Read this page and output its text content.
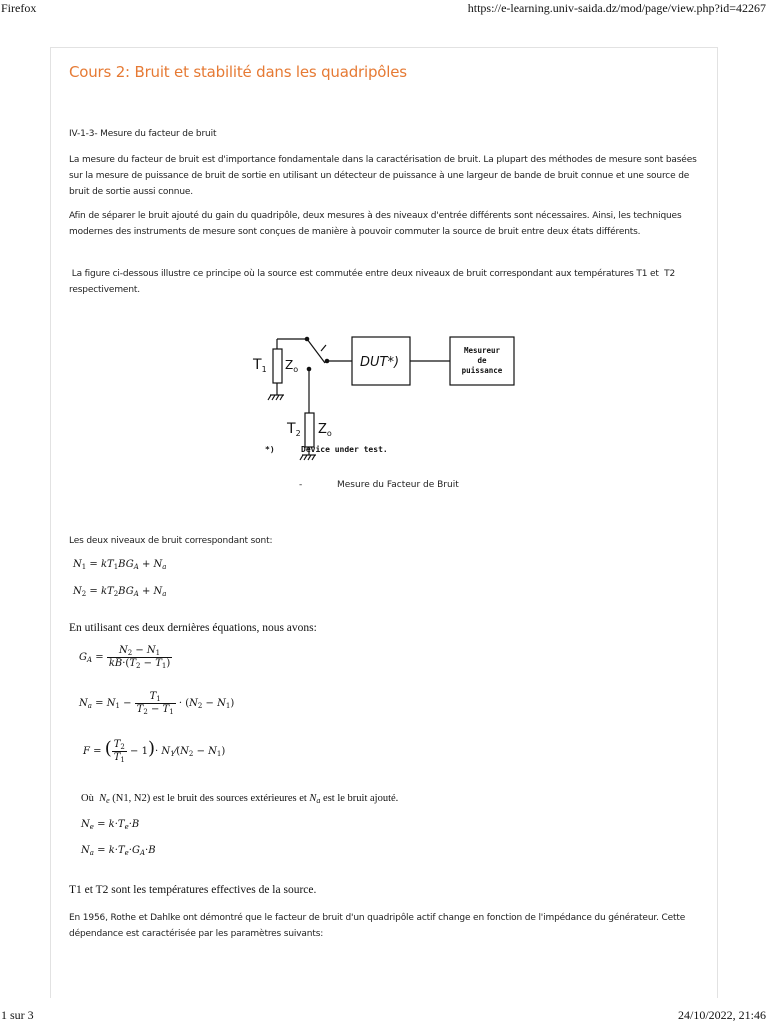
Firefox	https://e-learning.univ-saida.dz/mod/page/view.php?id=42267
Cours 2: Bruit et stabilité dans les quadripôles

IV-1-3- Mesure du facteur de bruit

La mesure du facteur de bruit est d'importance fondamentale dans la caractérisation de bruit. La plupart des méthodes de mesure sont basées sur la mesure de puissance de bruit de sortie en utilisant un détecteur de puissance à une largeur de bande de bruit connue et une source de bruit de sortie aussi connue.

Afin de séparer le bruit ajouté du gain du quadripôle, deux mesures à des niveaux d'entrée différents sont nécessaires. Ainsi, les techniques modernes des instruments de mesure sont conçues de manière à pouvoir commuter la source de bruit entre deux états différents.

La figure ci-dessous illustre ce principe où la source est commutée entre deux niveaux de bruit correspondant aux températures T1 et  T2 respectivement.

$T_1$ $Z_o$
$T_2$ $Z_o$
DUT*)
Mesureur
de
puissance
*)	Device under test.
-	Mesure du Facteur de Bruit

Les deux niveaux de bruit correspondant sont:

$N_1 = kT_1BG_A + N_a$
$N_2 = kT_2BG_A + N_a$
En utilisant ces deux dernières équations, nous avons:
$G_A = \frac{N_2 - N_1}{kB\cdot(T_2 - T_1)}$
$N_a = N_1 - \frac{T_1}{T_2 - T_1} \cdot (N_2 - N_1)$
F = ( $\frac{T_2}{T_1} - 1)\cdot$ $N_1⁄(N_2 - N_1)$
Où $N_e$ (N1, N2) est le bruit des sources extérieures et $N_a$ est le bruit ajouté.
$N_e = k\cdot T_e\cdot B$
$N_a = k\cdot T_e\cdot G_A\cdot B$
T1 et T2 sont les températures effectives de la source.

En 1956, Rothe et Dahlke ont démontré que le facteur de bruit d'un quadripôle actif change en fonction de l'impédance du générateur. Cette dépendance est caractérisée par les paramètres suivants:

1 sur 3	24/10/2022, 21:46
